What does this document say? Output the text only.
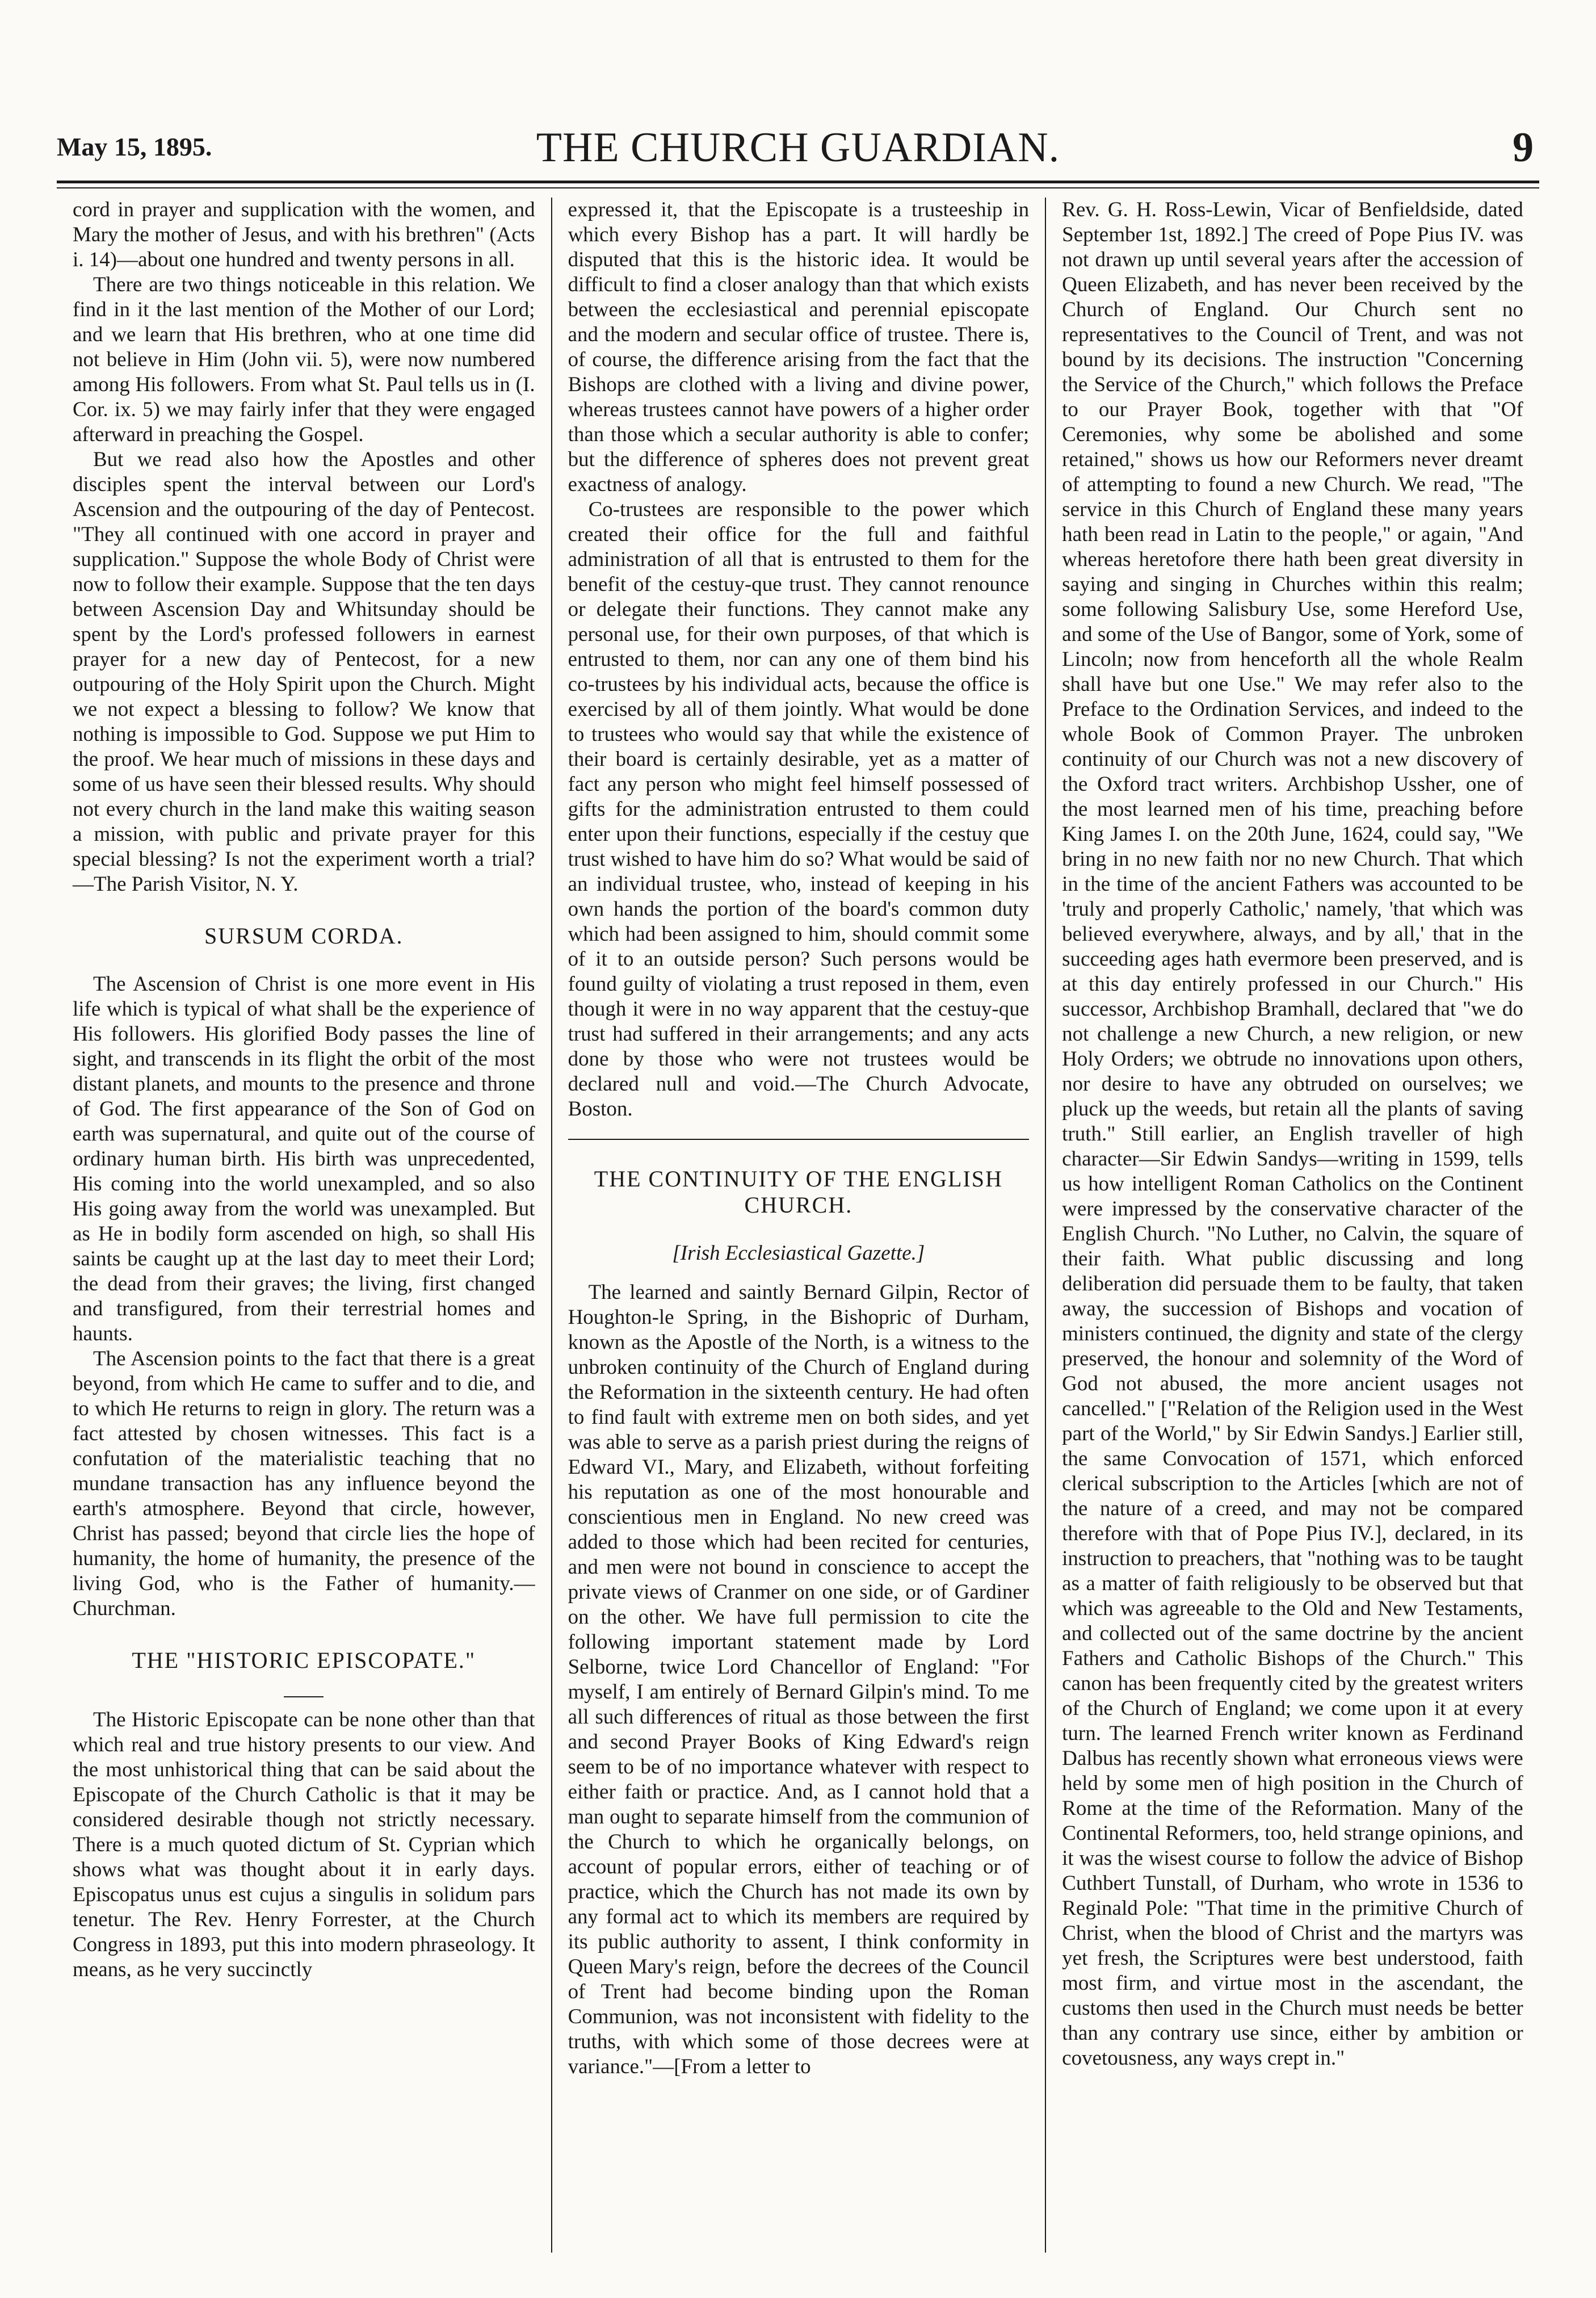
May 15, 1895.	THE CHURCH GUARDIAN.	9

cord in prayer and supplication with the women, and Mary the mother of Jesus, and with his brethren" (Acts i. 14)—about one hundred and twenty persons in all.

There are two things noticeable in this relation. We find in it the last mention of the Mother of our Lord; and we learn that His brethren, who at one time did not believe in Him (John vii. 5), were now numbered among His followers. From what St. Paul tells us in (I. Cor. ix. 5) we may fairly infer that they were engaged afterward in preaching the Gospel.

But we read also how the Apostles and other disciples spent the interval between our Lord's Ascension and the outpouring of the day of Pentecost. "They all continued with one accord in prayer and supplication." Suppose the whole Body of Christ were now to follow their example. Suppose that the ten days between Ascension Day and Whitsunday should be spent by the Lord's professed followers in earnest prayer for a new day of Pentecost, for a new outpouring of the Holy Spirit upon the Church. Might we not expect a blessing to follow? We know that nothing is impossible to God. Suppose we put Him to the proof. We hear much of missions in these days and some of us have seen their blessed results. Why should not every church in the land make this waiting season a mission, with public and private prayer for this special blessing? Is not the experiment worth a trial?—The Parish Visitor, N. Y.

SURSUM CORDA.

The Ascension of Christ is one more event in His life which is typical of what shall be the experience of His followers. His glorified Body passes the line of sight, and transcends in its flight the orbit of the most distant planets, and mounts to the presence and throne of God. The first appearance of the Son of God on earth was supernatural, and quite out of the course of ordinary human birth. His birth was unprecedented, His coming into the world unexampled, and so also His going away from the world was unexampled. But as He in bodily form ascended on high, so shall His saints be caught up at the last day to meet their Lord; the dead from their graves; the living, first changed and transfigured, from their terrestrial homes and haunts.

The Ascension points to the fact that there is a great beyond, from which He came to suffer and to die, and to which He returns to reign in glory. The return was a fact attested by chosen witnesses. This fact is a confutation of the materialistic teaching that no mundane transaction has any influence beyond the earth's atmosphere. Beyond that circle, however, Christ has passed; beyond that circle lies the hope of humanity, the home of humanity, the presence of the living God, who is the Father of humanity.—Churchman.

THE "HISTORIC EPISCOPATE."

The Historic Episcopate can be none other than that which real and true history presents to our view. And the most unhistorical thing that can be said about the Episcopate of the Church Catholic is that it may be considered desirable though not strictly necessary. There is a much quoted dictum of St. Cyprian which shows what was thought about it in early days. Episcopatus unus est cujus a singulis in solidum pars tenetur. The Rev. Henry Forrester, at the Church Congress in 1893, put this into modern phraseology. It means, as he very succinctly

expressed it, that the Episcopate is a trusteeship in which every Bishop has a part. It will hardly be disputed that this is the historic idea. It would be difficult to find a closer analogy than that which exists between the ecclesiastical and perennial episcopate and the modern and secular office of trustee. There is, of course, the difference arising from the fact that the Bishops are clothed with a living and divine power, whereas trustees cannot have powers of a higher order than those which a secular authority is able to confer; but the difference of spheres does not prevent great exactness of analogy.

Co-trustees are responsible to the power which created their office for the full and faithful administration of all that is entrusted to them for the benefit of the cestuy-que trust. They cannot renounce or delegate their functions. They cannot make any personal use, for their own purposes, of that which is entrusted to them, nor can any one of them bind his co-trustees by his individual acts, because the office is exercised by all of them jointly. What would be done to trustees who would say that while the existence of their board is certainly desirable, yet as a matter of fact any person who might feel himself possessed of gifts for the administration entrusted to them could enter upon their functions, especially if the cestuy que trust wished to have him do so? What would be said of an individual trustee, who, instead of keeping in his own hands the portion of the board's common duty which had been assigned to him, should commit some of it to an outside person? Such persons would be found guilty of violating a trust reposed in them, even though it were in no way apparent that the cestuy-que trust had suffered in their arrangements; and any acts done by those who were not trustees would be declared null and void.—The Church Advocate, Boston.

THE CONTINUITY OF THE ENGLISH CHURCH.
[Irish Ecclesiastical Gazette.]

The learned and saintly Bernard Gilpin, Rector of Houghton-le Spring, in the Bishopric of Durham, known as the Apostle of the North, is a witness to the unbroken continuity of the Church of England during the Reformation in the sixteenth century. He had often to find fault with extreme men on both sides, and yet was able to serve as a parish priest during the reigns of Edward VI., Mary, and Elizabeth, without forfeiting his reputation as one of the most honourable and conscientious men in England. No new creed was added to those which had been recited for centuries, and men were not bound in conscience to accept the private views of Cranmer on one side, or of Gardiner on the other. We have full permission to cite the following important statement made by Lord Selborne, twice Lord Chancellor of England: "For myself, I am entirely of Bernard Gilpin's mind. To me all such differences of ritual as those between the first and second Prayer Books of King Edward's reign seem to be of no importance whatever with respect to either faith or practice. And, as I cannot hold that a man ought to separate himself from the communion of the Church to which he organically belongs, on account of popular errors, either of teaching or of practice, which the Church has not made its own by any formal act to which its members are required by its public authority to assent, I think conformity in Queen Mary's reign, before the decrees of the Council of Trent had become binding upon the Roman Communion, was not inconsistent with fidelity to the truths, with which some of those decrees were at variance."—[From a letter to

Rev. G. H. Ross-Lewin, Vicar of Benfieldside, dated September 1st, 1892.] The creed of Pope Pius IV. was not drawn up until several years after the accession of Queen Elizabeth, and has never been received by the Church of England. Our Church sent no representatives to the Council of Trent, and was not bound by its decisions. The instruction "Concerning the Service of the Church," which follows the Preface to our Prayer Book, together with that "Of Ceremonies, why some be abolished and some retained," shows us how our Reformers never dreamt of attempting to found a new Church. We read, "The service in this Church of England these many years hath been read in Latin to the people," or again, "And whereas heretofore there hath been great diversity in saying and singing in Churches within this realm; some following Salisbury Use, some Hereford Use, and some of the Use of Bangor, some of York, some of Lincoln; now from henceforth all the whole Realm shall have but one Use." We may refer also to the Preface to the Ordination Services, and indeed to the whole Book of Common Prayer. The unbroken continuity of our Church was not a new discovery of the Oxford tract writers. Archbishop Ussher, one of the most learned men of his time, preaching before King James I. on the 20th June, 1624, could say, "We bring in no new faith nor no new Church. That which in the time of the ancient Fathers was accounted to be 'truly and properly Catholic,' namely, 'that which was believed everywhere, always, and by all,' that in the succeeding ages hath evermore been preserved, and is at this day entirely professed in our Church." His successor, Archbishop Bramhall, declared that "we do not challenge a new Church, a new religion, or new Holy Orders; we obtrude no innovations upon others, nor desire to have any obtruded on ourselves; we pluck up the weeds, but retain all the plants of saving truth." Still earlier, an English traveller of high character—Sir Edwin Sandys—writing in 1599, tells us how intelligent Roman Catholics on the Continent were impressed by the conservative character of the English Church. "No Luther, no Calvin, the square of their faith. What public discussing and long deliberation did persuade them to be faulty, that taken away, the succession of Bishops and vocation of ministers continued, the dignity and state of the clergy preserved, the honour and solemnity of the Word of God not abused, the more ancient usages not cancelled." ["Relation of the Religion used in the West part of the World," by Sir Edwin Sandys.] Earlier still, the same Convocation of 1571, which enforced clerical subscription to the Articles [which are not of the nature of a creed, and may not be compared therefore with that of Pope Pius IV.], declared, in its instruction to preachers, that "nothing was to be taught as a matter of faith religiously to be observed but that which was agreeable to the Old and New Testaments, and collected out of the same doctrine by the ancient Fathers and Catholic Bishops of the Church." This canon has been frequently cited by the greatest writers of the Church of England; we come upon it at every turn. The learned French writer known as Ferdinand Dalbus has recently shown what erroneous views were held by some men of high position in the Church of Rome at the time of the Reformation. Many of the Continental Reformers, too, held strange opinions, and it was the wisest course to follow the advice of Bishop Cuthbert Tunstall, of Durham, who wrote in 1536 to Reginald Pole: "That time in the primitive Church of Christ, when the blood of Christ and the martyrs was yet fresh, the Scriptures were best understood, faith most firm, and virtue most in the ascendant, the customs then used in the Church must needs be better than any contrary use since, either by ambition or covetousness, any ways crept in."
